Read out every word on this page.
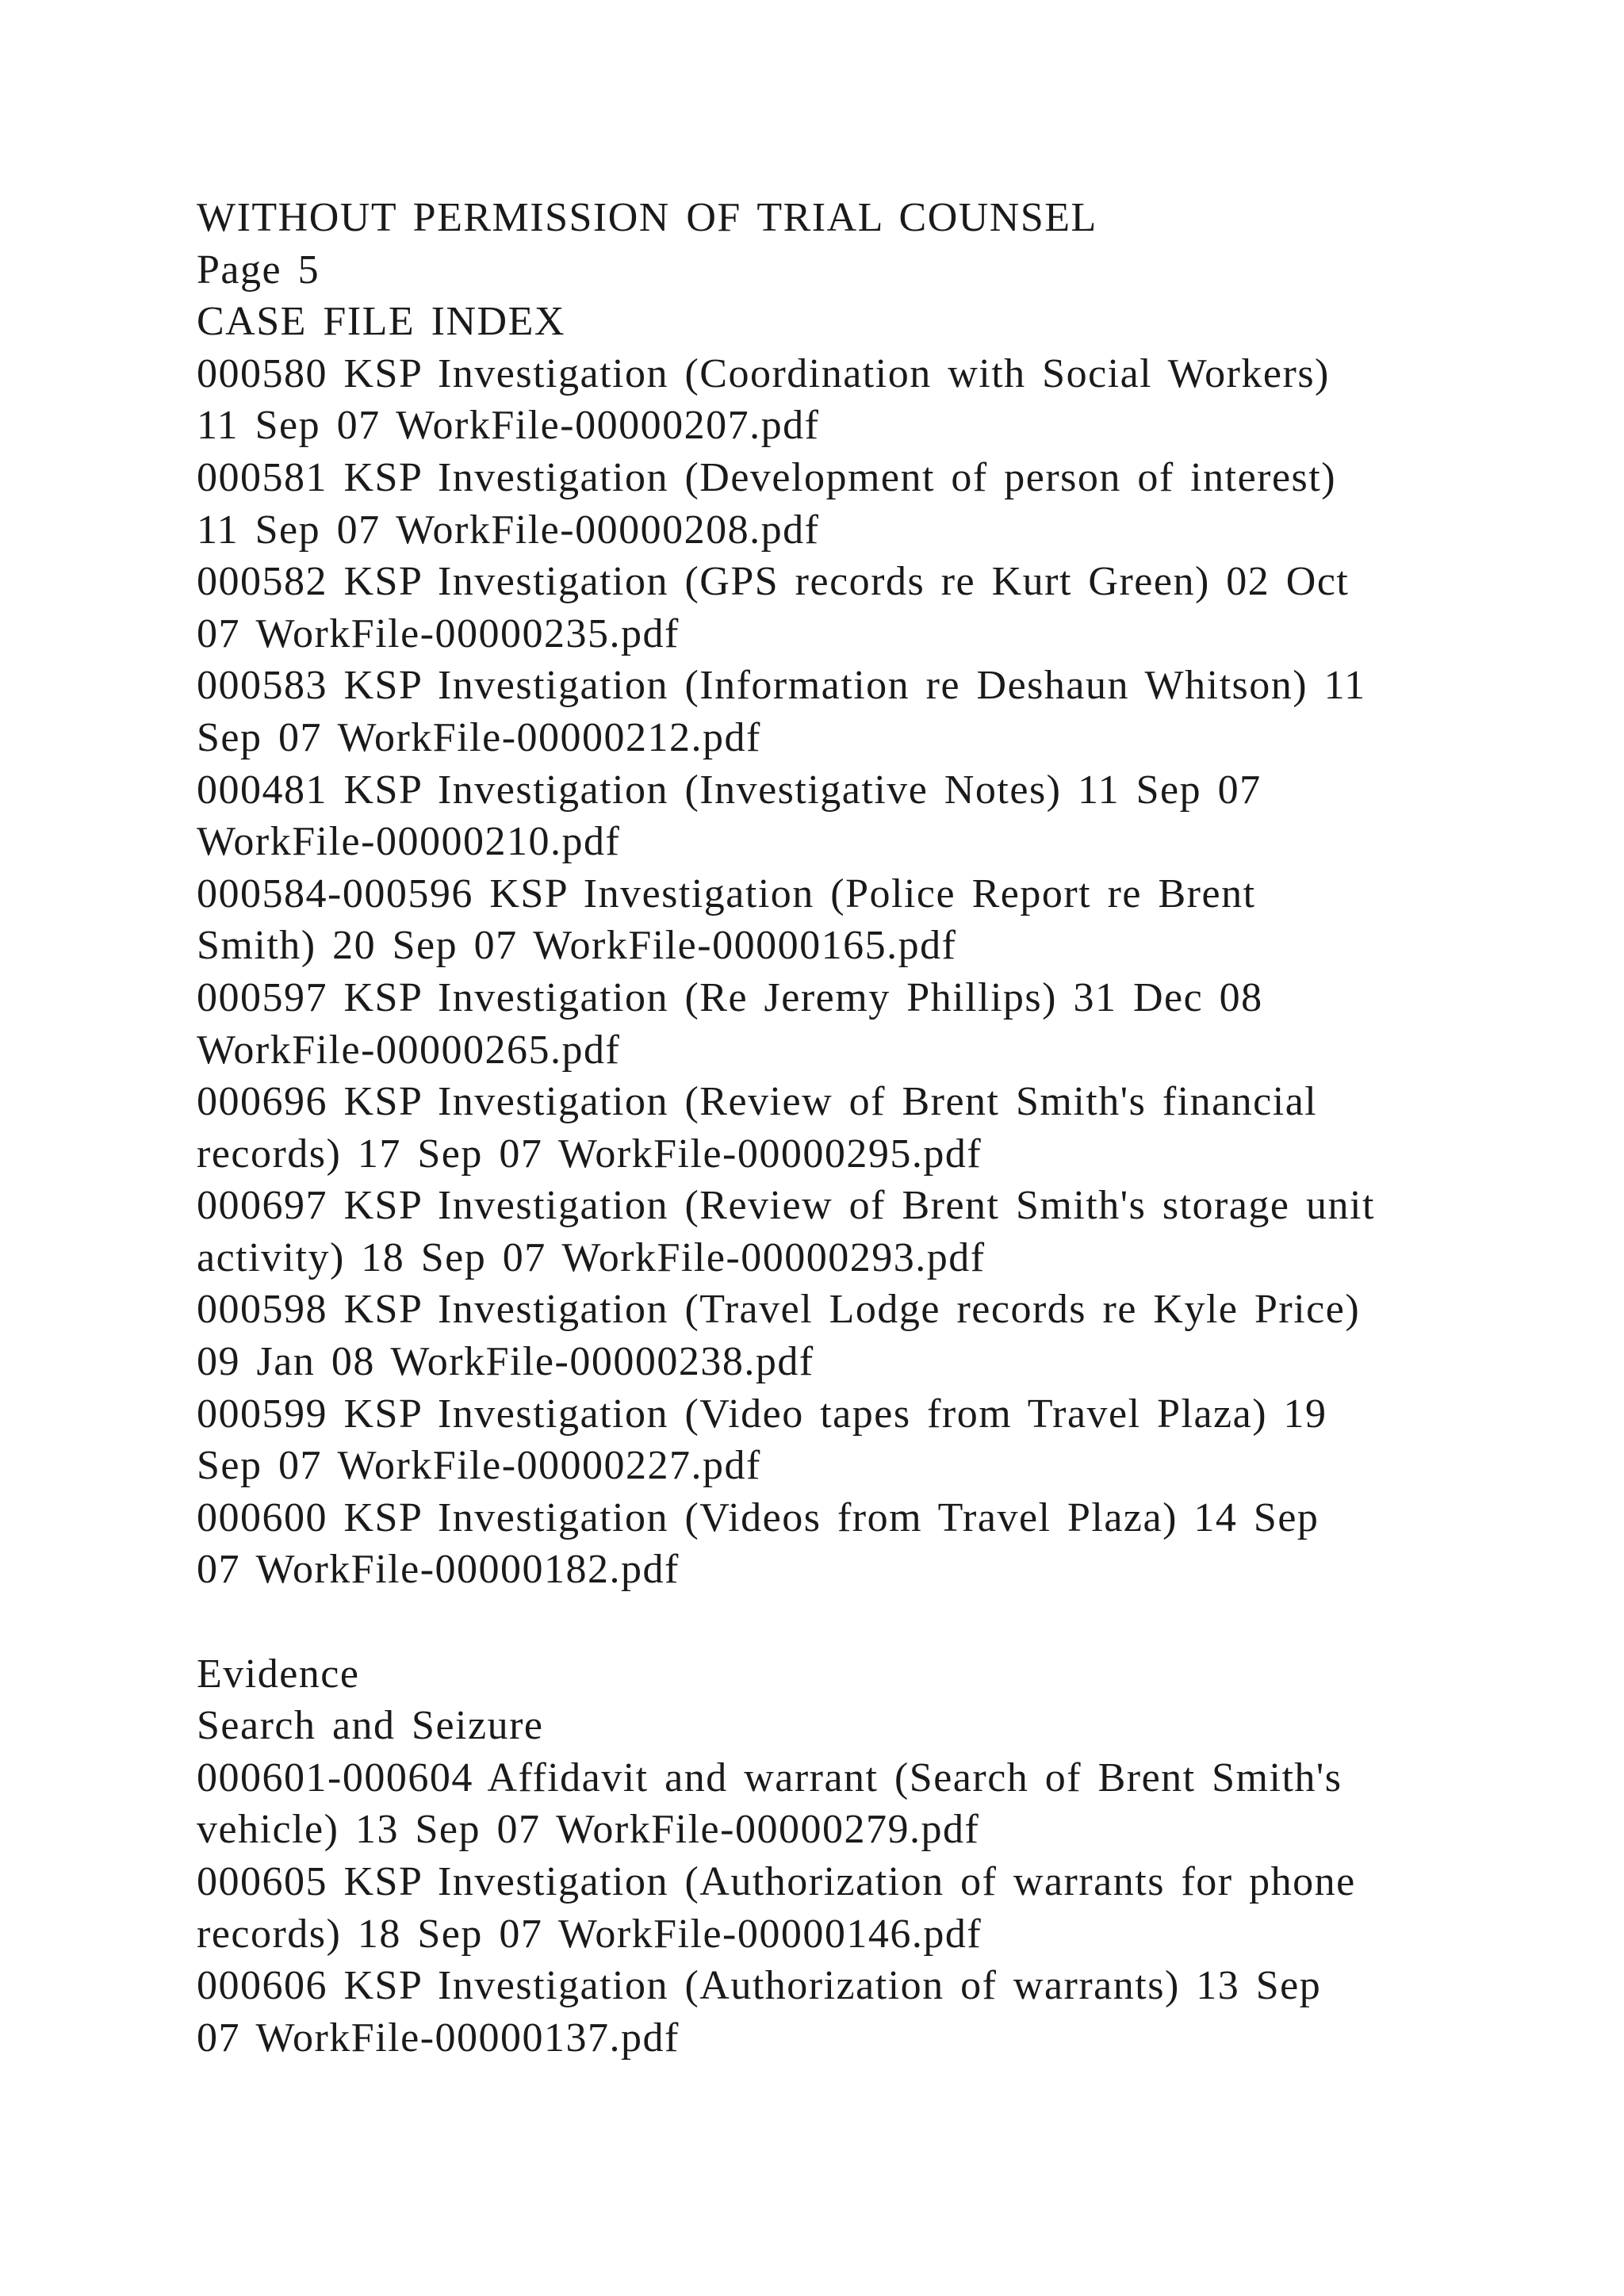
WITHOUT PERMISSION OF TRIAL COUNSEL
Page 5
CASE FILE INDEX
000580 KSP Investigation (Coordination with Social Workers)
11 Sep 07 WorkFile-00000207.pdf
000581 KSP Investigation (Development of person of interest)
11 Sep 07 WorkFile-00000208.pdf
000582 KSP Investigation (GPS records re Kurt Green) 02 Oct
07 WorkFile-00000235.pdf
000583 KSP Investigation (Information re Deshaun Whitson) 11
Sep 07 WorkFile-00000212.pdf
000481 KSP Investigation (Investigative Notes) 11 Sep 07
WorkFile-00000210.pdf
000584-000596 KSP Investigation (Police Report re Brent
Smith) 20 Sep 07 WorkFile-00000165.pdf
000597 KSP Investigation (Re Jeremy Phillips) 31 Dec 08
WorkFile-00000265.pdf
000696 KSP Investigation (Review of Brent Smith's financial
records) 17 Sep 07 WorkFile-00000295.pdf
000697 KSP Investigation (Review of Brent Smith's storage unit
activity) 18 Sep 07 WorkFile-00000293.pdf
000598 KSP Investigation (Travel Lodge records re Kyle Price)
09 Jan 08 WorkFile-00000238.pdf
000599 KSP Investigation (Video tapes from Travel Plaza) 19
Sep 07 WorkFile-00000227.pdf
000600 KSP Investigation (Videos from Travel Plaza) 14 Sep
07 WorkFile-00000182.pdf
Evidence
Search and Seizure
000601-000604 Affidavit and warrant (Search of Brent Smith's
vehicle) 13 Sep 07 WorkFile-00000279.pdf
000605 KSP Investigation (Authorization of warrants for phone
records) 18 Sep 07 WorkFile-00000146.pdf
000606 KSP Investigation (Authorization of warrants) 13 Sep
07 WorkFile-00000137.pdf
